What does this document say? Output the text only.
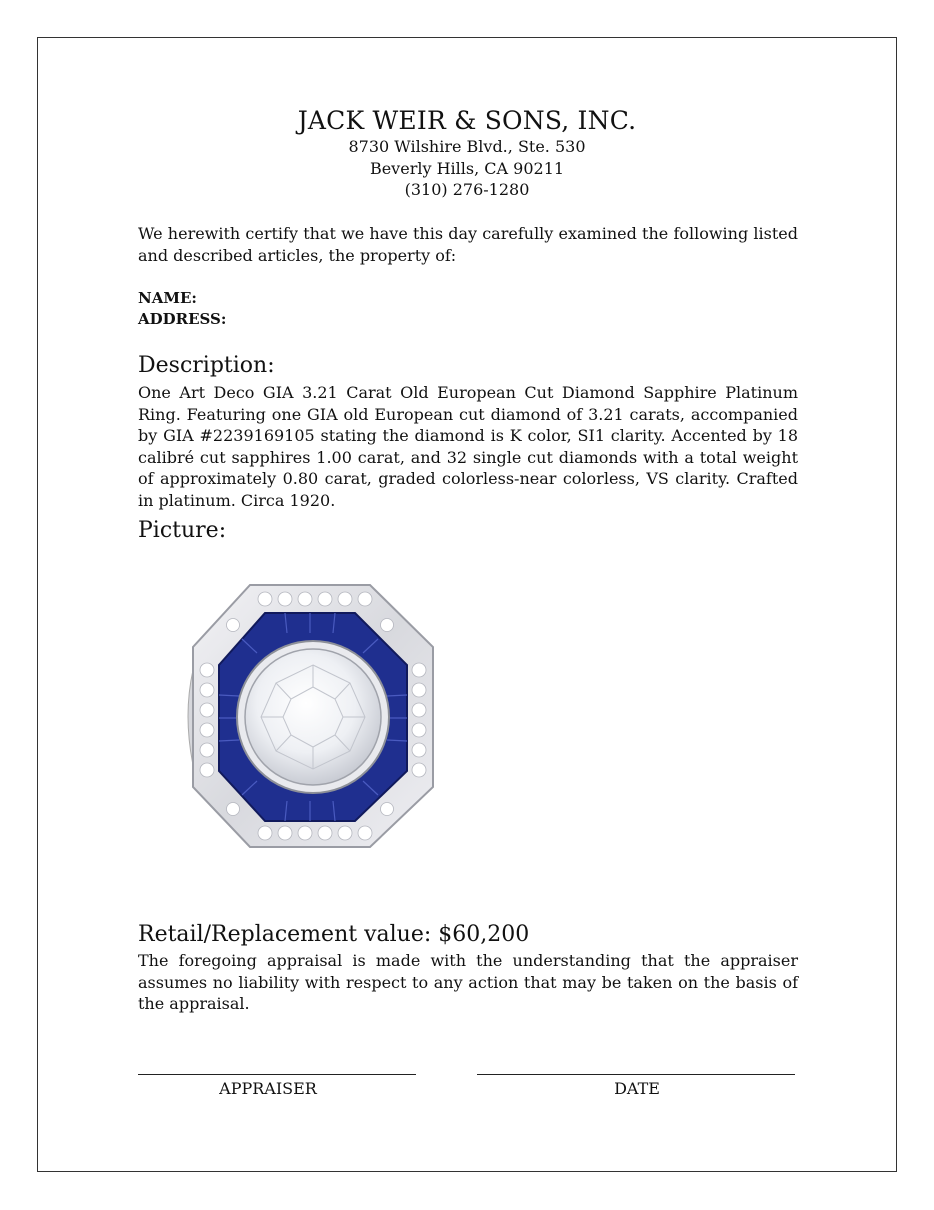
JACK WEIR & SONS, INC.
8730 Wilshire Blvd., Ste. 530
Beverly Hills, CA 90211
(310) 276-1280
We herewith certify that we have this day carefully examined the following listed and described articles, the property of:
NAME:
ADDRESS:
Description:
One Art Deco GIA 3.21 Carat Old European Cut Diamond Sapphire Platinum Ring. Featuring one GIA old European cut diamond of 3.21 carats, accompanied by GIA #2239169105 stating the diamond is K color, SI1 clarity. Accented by 18 calibré cut sapphires 1.00 carat, and 32 single cut diamonds with a total weight of approximately 0.80 carat, graded colorless-near colorless, VS clarity. Crafted in platinum. Circa 1920.
Picture:
Retail/Replacement value: $60,200
The foregoing appraisal is made with the understanding that the appraiser assumes no liability with respect to any action that may be taken on the basis of the appraisal.
APPRAISER	DATE
